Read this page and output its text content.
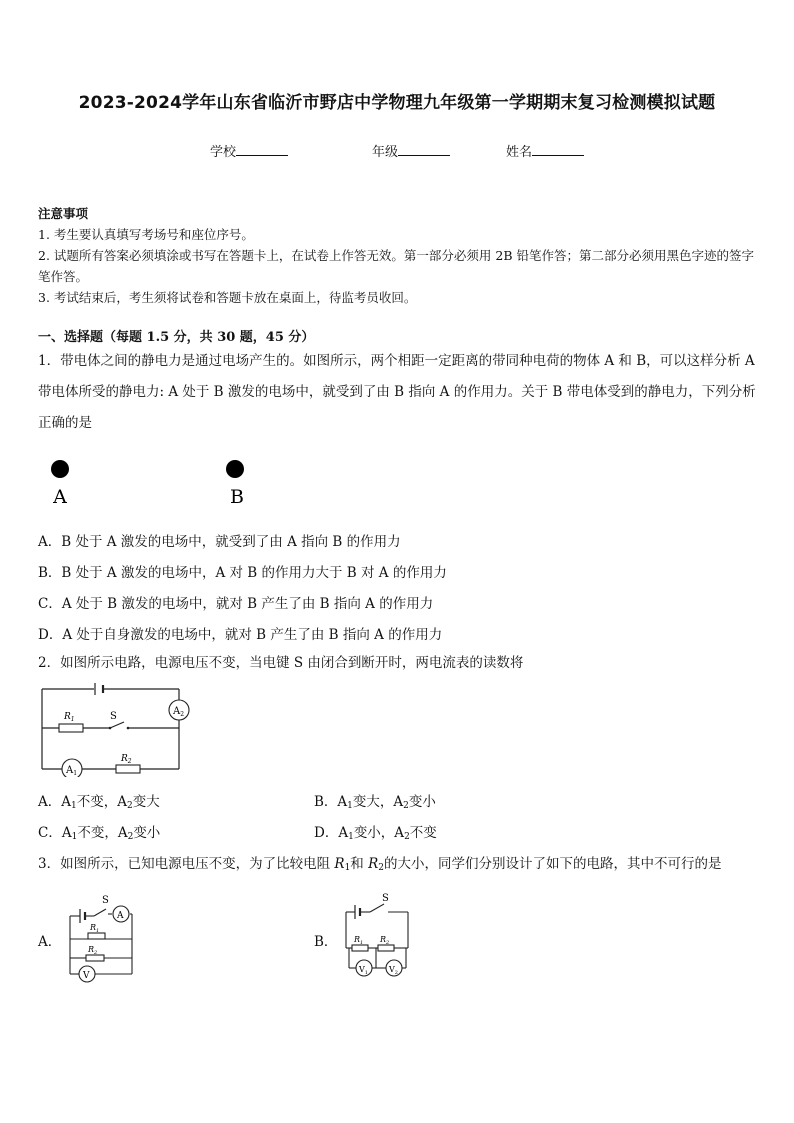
2023-2024学年山东省临沂市野店中学物理九年级第一学期期末复习检测模拟试题
学校	年级	姓名
注意事项
1. 考生要认真填写考场号和座位序号。
2. 试题所有答案必须填涂或书写在答题卡上，在试卷上作答无效。第一部分必须用 2B 铅笔作答；第二部分必须用黑色字迹的签字笔作答。
3. 考试结束后，考生须将试卷和答题卡放在桌面上，待监考员收回。
一、选择题（每题 1.5 分，共 30 题，45 分）
1．带电体之间的静电力是通过电场产生的。如图所示，两个相距一定距离的带同种电荷的物体 A 和 B，可以这样分析 A 带电体所受的静电力: A 处于 B 激发的电场中，就受到了由 B 指向 A 的作用力。关于 B 带电体受到的静电力，下列分析正确的是
A	B
A．B 处于 A 激发的电场中，就受到了由 A 指向 B 的作用力
B．B 处于 A 激发的电场中，A 对 B 的作用力大于 B 对 A 的作用力
C．A 处于 B 激发的电场中，就对 B 产生了由 B 指向 A 的作用力
D．A 处于自身激发的电场中，就对 B 产生了由 B 指向 A 的作用力
2．如图所示电路，电源电压不变，当电键 S 由闭合到断开时，两电流表的读数将
$R_1$	S
$R_2$
$A_2$
$A_1$
A．$A_1$不变，$A_2$变大	B．$A_1$变大，$A_2$变小
C．$A_1$不变，$A_2$变小	D．$A_1$变小，$A_2$不变
3．如图所示，已知电源电压不变，为了比较电阻 $R_1$和 $R_2$的大小，同学们分别设计了如下的电路，其中不可行的是
A．
S
A
$R_1$
$R_2$
V
B．
S
$R_1$ $R_2$
$V_1$	$V_2$
